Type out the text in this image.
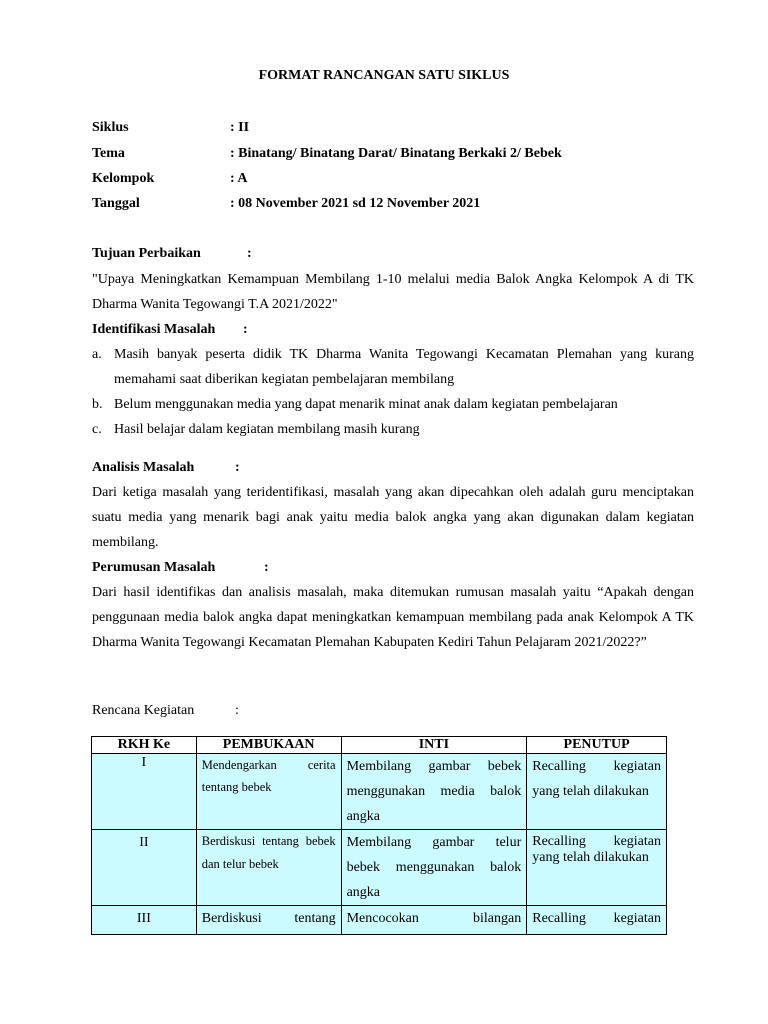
FORMAT RANCANGAN SATU SIKLUS
Siklus	: II
Tema	: Binatang/ Binatang Darat/ Binatang Berkaki 2/ Bebek
Kelompok	: A
Tanggal	: 08 November 2021 sd 12 November 2021
Tujuan Perbaikan	:
"Upaya Meningkatkan Kemampuan Membilang 1-10 melalui media Balok Angka Kelompok A di TK Dharma Wanita Tegowangi T.A 2021/2022"
Identifikasi Masalah :
a. Masih banyak peserta didik TK Dharma Wanita Tegowangi Kecamatan Plemahan yang kurang memahami saat diberikan kegiatan pembelajaran membilang
b. Belum menggunakan media yang dapat menarik minat anak dalam kegiatan pembelajaran
c. Hasil belajar dalam kegiatan membilang masih kurang
Analisis Masalah	:
Dari ketiga masalah yang teridentifikasi, masalah yang akan dipecahkan oleh adalah guru menciptakan suatu media yang menarik bagi anak yaitu media balok angka yang akan digunakan dalam kegiatan membilang.
Perumusan Masalah	:
Dari hasil identifikas dan analisis masalah, maka ditemukan rumusan masalah yaitu “Apakah dengan penggunaan media balok angka dapat meningkatkan kemampuan membilang pada anak Kelompok A TK Dharma Wanita Tegowangi Kecamatan Plemahan Kabupaten Kediri Tahun Pelajaram 2021/2022?”
Rencana Kegiatan	:
RKH Ke	PEMBUKAAN	INTI	PENUTUP
I	Mendengarkan cerita tentang bebek	Membilang gambar bebek menggunakan media balok angka	Recalling kegiatan yang telah dilakukan
II	Berdiskusi tentang bebek dan telur bebek	Membilang gambar telur bebek menggunakan balok angka	Recalling kegiatan yang telah dilakukan
III	Berdiskusi tentang	Mencocokan bilangan	Recalling kegiatan
